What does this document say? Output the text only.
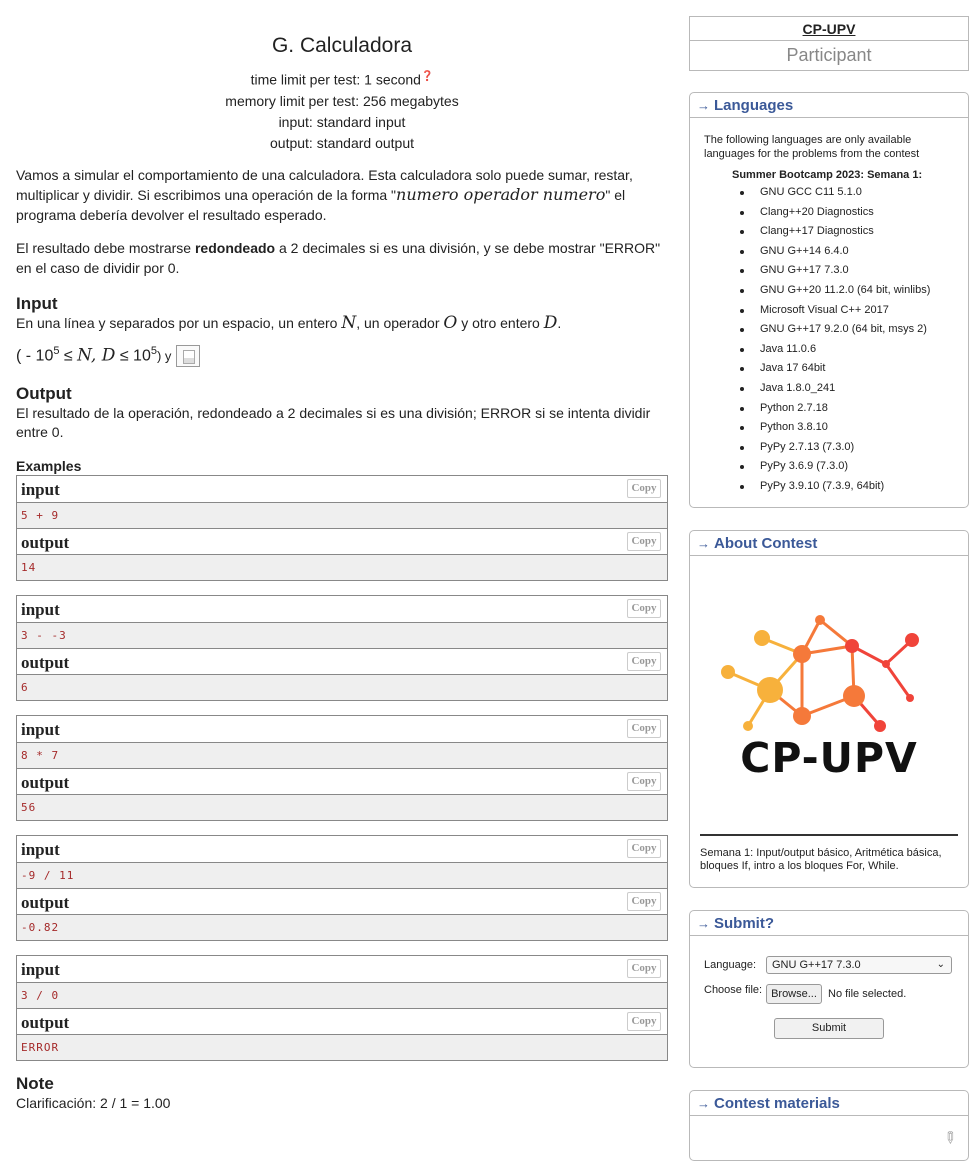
G. Calculadora
time limit per test: 1 second❓
memory limit per test: 256 megabytes
input: standard input
output: standard output

Vamos a simular el comportamiento de una calculadora. Esta calculadora solo puede sumar, restar, multiplicar y dividir. Si escribimos una operación de la forma "numero operador numero" el programa debería devolver el resultado esperado.

El resultado debe mostrarse redondeado a 2 decimales si es una división, y se debe mostrar "ERROR" en el caso de dividir por 0.

Input

En una línea y separados por un espacio, un entero N, un operador O y otro entero D.

( - $10^5 \le N$, $D \le 10^5$) y
Output

El resultado de la operación, redondeado a 2 decimales si es una división; ERROR si se intenta dividir entre 0.

Examples
input	Copy
5 + 9
output	Copy
14
input	Copy
3 - -3
output	Copy
6
input	Copy
8 * 7
output	Copy
56
input	Copy
-9 / 11
output	Copy
-0.82
input	Copy
3 / 0
output	Copy
ERROR
Note

Clarificación: 2 / 1 = 1.00

CP-UPV
Participant
→ Languages

The following languages are only available languages for the problems from the contest

Summer Bootcamp 2023: Semana 1:
GNU GCC C11 5.1.0
Clang++20 Diagnostics
Clang++17 Diagnostics
GNU G++14 6.4.0
GNU G++17 7.3.0
GNU G++20 11.2.0 (64 bit, winlibs)
Microsoft Visual C++ 2017
GNU G++17 9.2.0 (64 bit, msys 2)
Java 11.0.6
Java 17 64bit
Java 1.8.0_241
Python 2.7.18
Python 3.8.10
PyPy 2.7.13 (7.3.0)
PyPy 3.6.9 (7.3.0)
PyPy 3.9.10 (7.3.9, 64bit)
→ About Contest
CP-UPV
Semana 1: Input/output básico, Aritmética básica, bloques If, intro a los bloques For, While.
→ Submit?
Language:	GNU G++17 7.3.0	⌄
Choose file: Browse...	No file selected.
Submit
→ Contest materials
✎
